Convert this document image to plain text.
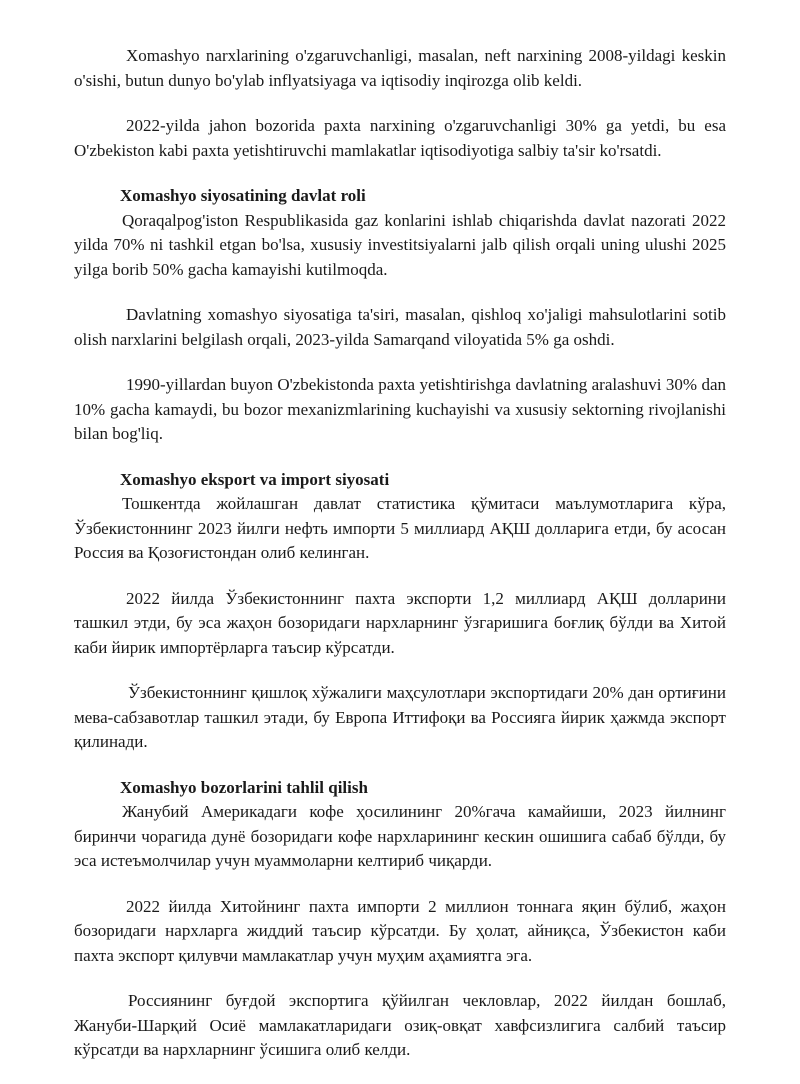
Xomashyo narxlarining o'zgaruvchanligi, masalan, neft narxining 2008-yildagi keskin o'sishi, butun dunyo bo'ylab inflyatsiyaga va iqtisodiy inqirozga olib keldi.

2022-yilda jahon bozorida paxta narxining o'zgaruvchanligi 30% ga yetdi, bu esa O'zbekiston kabi paxta yetishtiruvchi mamlakatlar iqtisodiyotiga salbiy ta'sir ko'rsatdi.

Xomashyo siyosatining davlat roli

Qoraqalpog'iston Respublikasida gaz konlarini ishlab chiqarishda davlat nazorati 2022 yilda 70% ni tashkil etgan bo'lsa, xususiy investitsiyalarni jalb qilish orqali uning ulushi 2025 yilga borib 50% gacha kamayishi kutilmoqda.

Davlatning xomashyo siyosatiga ta'siri, masalan, qishloq xo'jaligi mahsulotlarini sotib olish narxlarini belgilash orqali, 2023-yilda Samarqand viloyatida 5% ga oshdi.

1990-yillardan buyon O'zbekistonda paxta yetishtirishga davlatning aralashuvi 30% dan 10% gacha kamaydi, bu bozor mexanizmlarining kuchayishi va xususiy sektorning rivojlanishi bilan bog'liq.

Xomashyo eksport va import siyosati

Тошкентда жойлашган давлат статистика қўмитаси маълумотларига кўра, Ўзбекистоннинг 2023 йилги нефть импорти 5 миллиард АҚШ долларига етди, бу асосан Россия ва Қозоғистондан олиб келинган.

2022 йилда Ўзбекистоннинг пахта экспорти 1,2 миллиард АҚШ долларини ташкил этди, бу эса жаҳон бозоридаги нархларнинг ўзгаришига боғлиқ бўлди ва Хитой каби йирик импортёрларга таъсир кўрсатди.

Ўзбекистоннинг қишлоқ хўжалиги маҳсулотлари экспортидаги 20% дан ортиғини мева-сабзавотлар ташкил этади, бу Европа Иттифоқи ва Россияга йирик ҳажмда экспорт қилинади.

Xomashyo bozorlarini tahlil qilish

Жанубий Америкадаги кофе ҳосилининг 20%гача камайиши, 2023 йилнинг биринчи чорагида дунё бозоридаги кофе нархларининг кескин ошишига сабаб бўлди, бу эса истеъмолчилар учун муаммоларни келтириб чиқарди.

2022 йилда Хитойнинг пахта импорти 2 миллион тоннага яқин бўлиб, жаҳон бозоридаги нархларга жиддий таъсир кўрсатди. Бу ҳолат, айниқса, Ўзбекистон каби пахта экспорт қилувчи мамлакатлар учун муҳим аҳамиятга эга.

Россиянинг буғдой экспортига қўйилган чекловлар, 2022 йилдан бошлаб, Жануби-Шарқий Осиё мамлакатларидаги озиқ-овқат хавфсизлигига салбий таъсир кўрсатди ва нархларнинг ўсишига олиб келди.
